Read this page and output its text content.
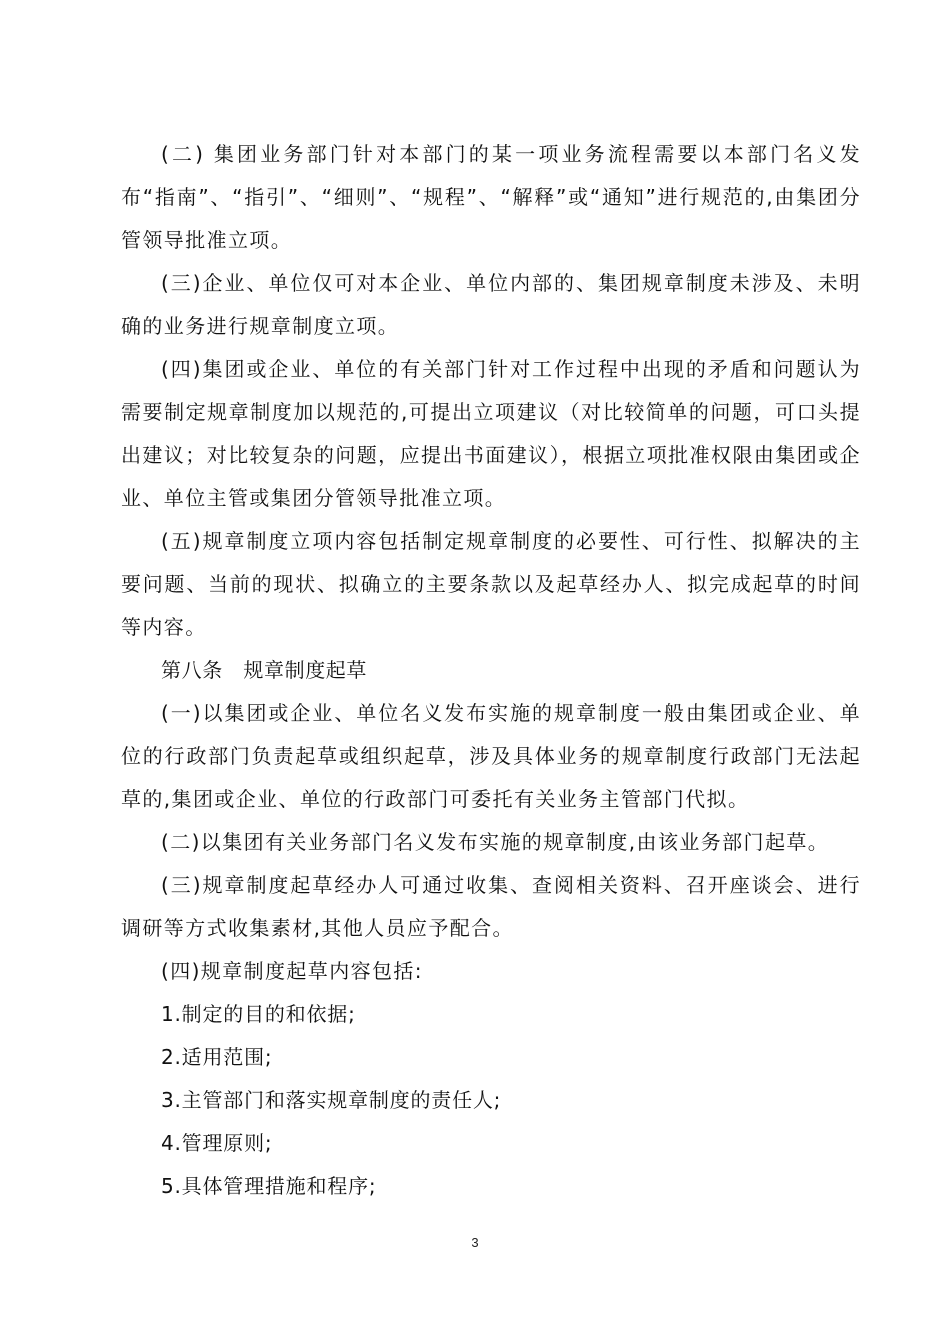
(二) 集团业务部门针对本部门的某一项业务流程需要以本部门名义发布“指南”、“指引”、“细则”、“规程”、“解释”或“通知”进行规范的,由集团分管领导批准立项。

(三)企业、单位仅可对本企业、单位内部的、集团规章制度未涉及、未明确的业务进行规章制度立项。

(四)集团或企业、单位的有关部门针对工作过程中出现的矛盾和问题认为需要制定规章制度加以规范的,可提出立项建议（对比较简单的问题，可口头提出建议；对比较复杂的问题，应提出书面建议），根据立项批准权限由集团或企业、单位主管或集团分管领导批准立项。

(五)规章制度立项内容包括制定规章制度的必要性、可行性、拟解决的主要问题、当前的现状、拟确立的主要条款以及起草经办人、拟完成起草的时间等内容。

第八条　规章制度起草

(一)以集团或企业、单位名义发布实施的规章制度一般由集团或企业、单位的行政部门负责起草或组织起草，涉及具体业务的规章制度行政部门无法起草的,集团或企业、单位的行政部门可委托有关业务主管部门代拟。

(二)以集团有关业务部门名义发布实施的规章制度,由该业务部门起草。

(三)规章制度起草经办人可通过收集、查阅相关资料、召开座谈会、进行调研等方式收集素材,其他人员应予配合。

(四)规章制度起草内容包括:

1.制定的目的和依据;

2.适用范围;

3.主管部门和落实规章制度的责任人;

4.管理原则;

5.具体管理措施和程序;

3
